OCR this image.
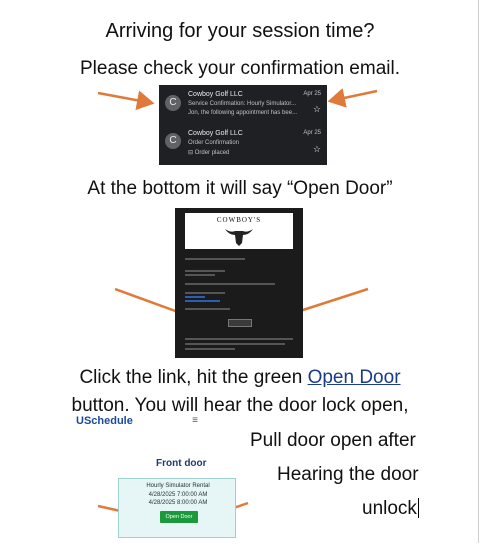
Arriving for your session time?
Please check your confirmation email.
C
Cowboy Golf LLC
Service Confirmation: Hourly Simulator...
Jon, the following appointment has bee...
Apr 25
☆
C
Cowboy Golf LLC
Order Confirmation
⊟ Order placed
Apr 25
☆
At the bottom it will say “Open Door”
COWBOY'S
Click the link, hit the green Open Door
button. You will hear the door lock open,
USchedule	≡
Front door
Hourly Simulator Rental
4/28/2025 7:00:00 AM
4/28/2025 8:00:00 AM
Open Door
Pull door open after
Hearing the door
unlock
